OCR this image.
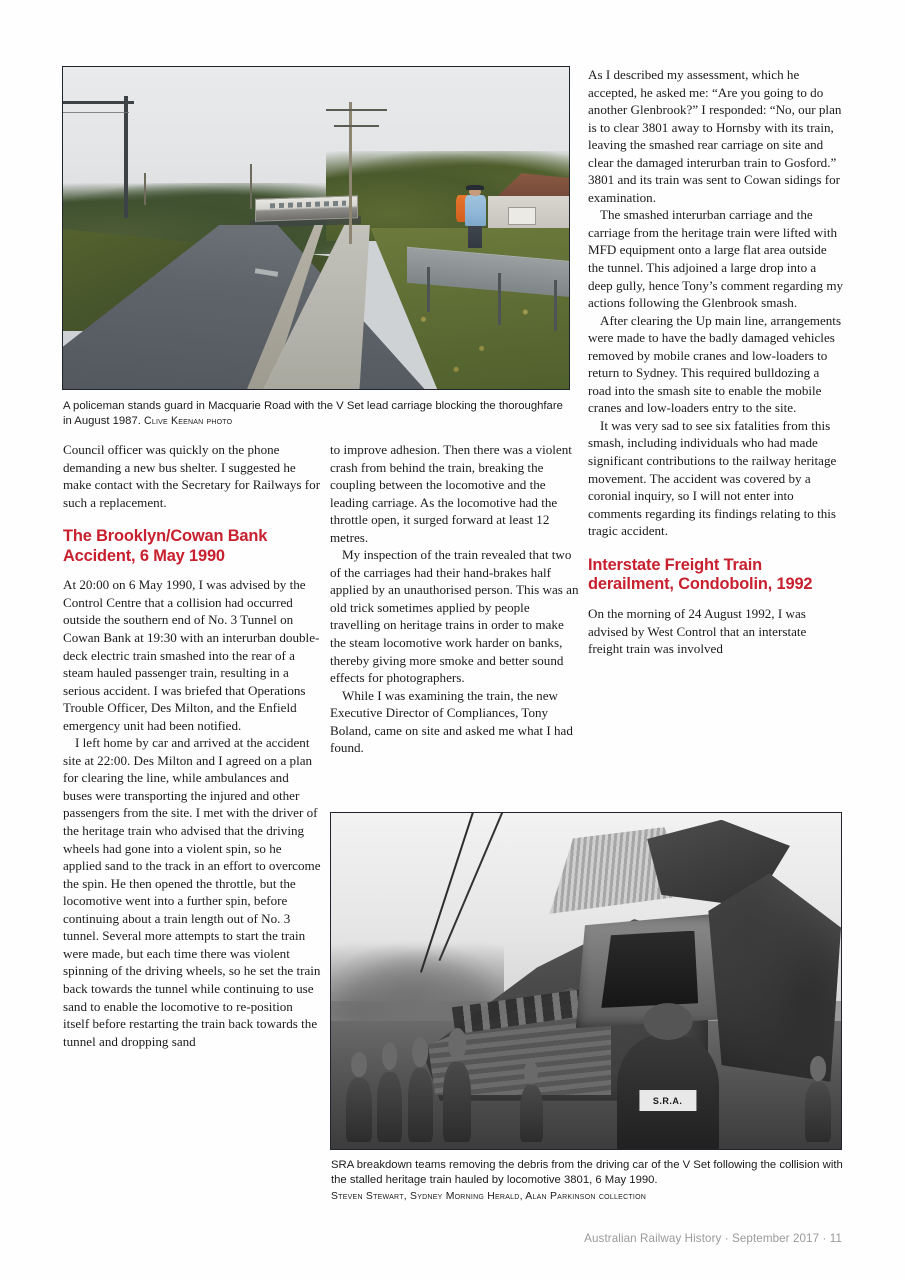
A policeman stands guard in Macquarie Road with the V Set lead carriage blocking the thoroughfare in August 1987. Clive Keenan photo

Council officer was quickly on the phone demanding a new bus shelter. I suggested he make contact with the Secretary for Railways for such a replacement.

The Brooklyn/Cowan Bank Accident, 6 May 1990

At 20:00 on 6 May 1990, I was advised by the Control Centre that a collision had occurred outside the southern end of No. 3 Tunnel on Cowan Bank at 19:30 with an interurban double-deck electric train smashed into the rear of a steam hauled passenger train, resulting in a serious accident. I was briefed that Operations Trouble Officer, Des Milton, and the Enfield emergency unit had been notified.

I left home by car and arrived at the accident site at 22:00. Des Milton and I agreed on a plan for clearing the line, while ambulances and buses were transporting the injured and other passengers from the site. I met with the driver of the heritage train who advised that the driving wheels had gone into a violent spin, so he applied sand to the track in an effort to overcome the spin. He then opened the throttle, but the locomotive went into a further spin, before continuing about a train length out of No. 3 tunnel. Several more attempts to start the train were made, but each time there was violent spinning of the driving wheels, so he set the train back towards the tunnel while continuing to use sand to enable the locomotive to re-position itself before restarting the train back towards the tunnel and dropping sand

to improve adhesion. Then there was a violent crash from behind the train, breaking the coupling between the locomotive and the leading carriage. As the locomotive had the throttle open, it surged forward at least 12 metres.

My inspection of the train revealed that two of the carriages had their hand-brakes half applied by an unauthorised person. This was an old trick sometimes applied by people travelling on heritage trains in order to make the steam locomotive work harder on banks, thereby giving more smoke and better sound effects for photographers.

While I was examining the train, the new Executive Director of Compliances, Tony Boland, came on site and asked me what I had found.

As I described my assessment, which he accepted, he asked me: “Are you going to do another Glenbrook?” I responded: “No, our plan is to clear 3801 away to Hornsby with its train, leaving the smashed rear carriage on site and clear the damaged interurban train to Gosford.” 3801 and its train was sent to Cowan sidings for examination.

The smashed interurban carriage and the carriage from the heritage train were lifted with MFD equipment onto a large flat area outside the tunnel. This adjoined a large drop into a deep gully, hence Tony’s comment regarding my actions following the Glenbrook smash.

After clearing the Up main line, arrangements were made to have the badly damaged vehicles removed by mobile cranes and low-loaders to return to Sydney. This required bulldozing a road into the smash site to enable the mobile cranes and low-loaders entry to the site.

It was very sad to see six fatalities from this smash, including individuals who had made significant contributions to the railway heritage movement. The accident was covered by a coronial inquiry, so I will not enter into comments regarding its findings relating to this tragic accident.

Interstate Freight Train derailment, Condobolin, 1992

On the morning of 24 August 1992, I was advised by West Control that an interstate freight train was involved

S.R.A.
SRA breakdown teams removing the debris from the driving car of the V Set following the collision with the stalled heritage train hauled by locomotive 3801, 6 May 1990.
Steven Stewart, Sydney Morning Herald, Alan Parkinson collection
Australian Railway History · September 2017 · 11
